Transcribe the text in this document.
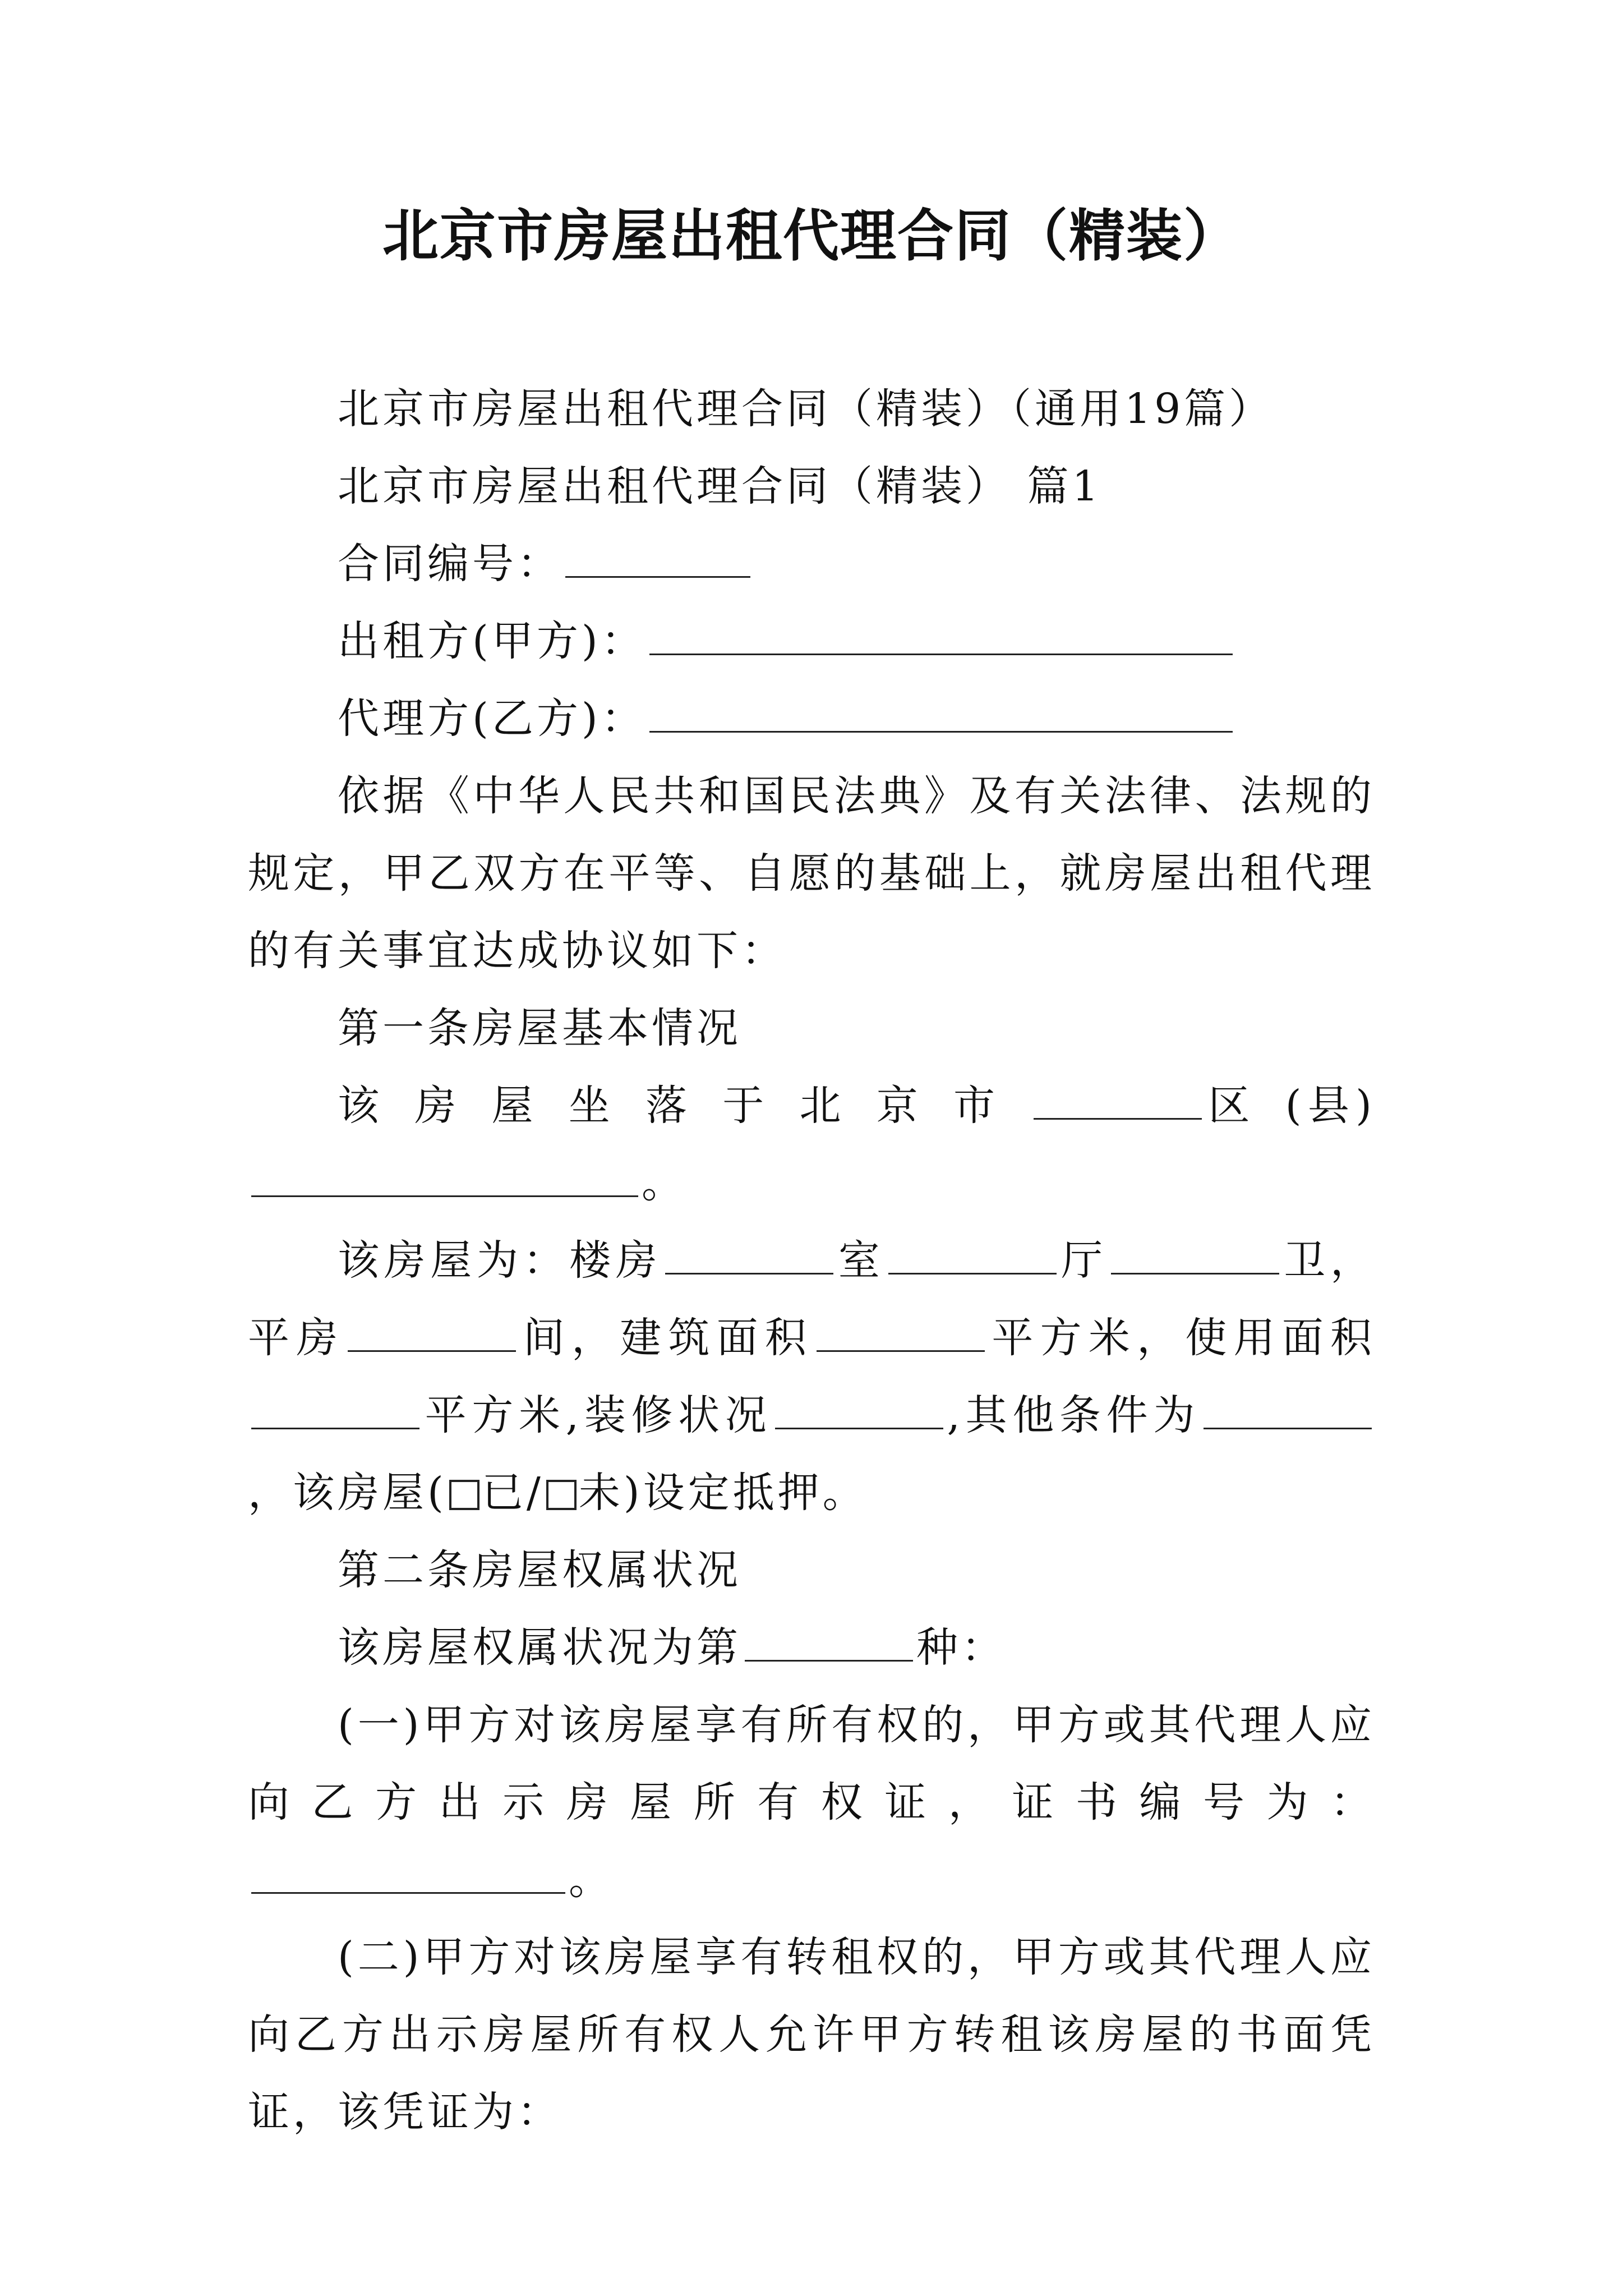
北京市房屋出租代理合同（精装）

北京市房屋出租代理合同（精装）（通用19篇）

北京市房屋出租代理合同（精装） 篇1

合同编号：

出租方(甲方)：

代理方(乙方)：

依据《中华人民共和国民法典》及有关法律、法规的规定，甲乙双方在平等、自愿的基础上，就房屋出租代理的有关事宜达成协议如下：

第一条房屋基本情况

该房屋坐落于北京市	区(县)。

该房屋为：楼房	室	厅	卫，平房	间，建筑面积	平方米，使用面积平方米,装修状况	,其他条件为，该房屋( 已/ 未)设定抵押。

第二条房屋权属状况

该房屋权属状况为第	种：

(一)甲方对该房屋享有所有权的，甲方或其代理人应向乙方出示房屋所有权证，证书编号为：。

(二)甲方对该房屋享有转租权的，甲方或其代理人应向乙方出示房屋所有权人允许甲方转租该房屋的书面凭证，该凭证为：
